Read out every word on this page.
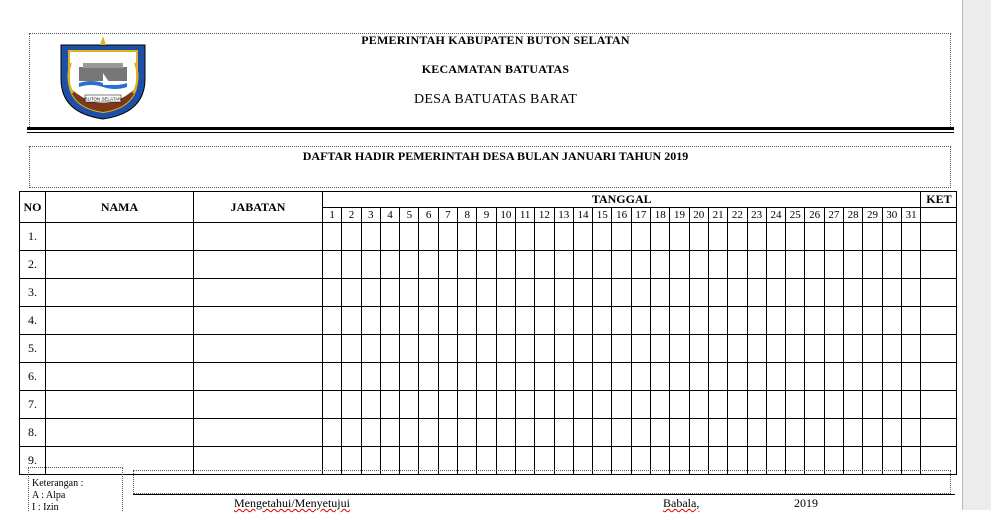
BUTON SELATAN
PEMERINTAH KABUPATEN BUTON SELATAN
KECAMATAN BATUATAS
DESA BATUATAS BARAT
DAFTAR HADIR PEMERINTAH DESA BULAN JANUARI TAHUN 2019
NO	NAMA	JABATAN	TANGGAL																															KET
			1	2	3	4	5	6	7	8	9	10	11	12	13	14	15	16	17	18	19	20	21	22	23	24	25	26	27	28	29	30	31	
1.																																		
2.																																		
3.																																		
4.																																		
5.																																		
6.																																		
7.																																		
8.																																		
9.																																		
Keterangan :
A : Alpa
I : Izin	Mengetahui/Menyetujui	Babala,	2019
